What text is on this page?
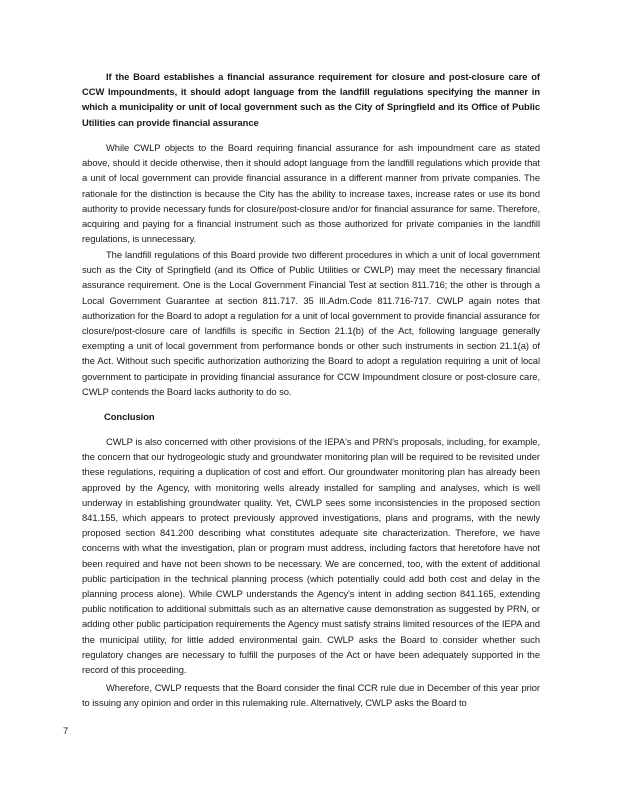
If the Board establishes a financial assurance requirement for closure and post-closure care of CCW Impoundments, it should adopt language from the landfill regulations specifying the manner in which a municipality or unit of local government such as the City of Springfield and its Office of Public Utilities can provide financial assurance
While CWLP objects to the Board requiring financial assurance for ash impoundment care as stated above, should it decide otherwise, then it should adopt language from the landfill regulations which provide that a unit of local government can provide financial assurance in a different manner from private companies. The rationale for the distinction is because the City has the ability to increase taxes, increase rates or use its bond authority to provide necessary funds for closure/post-closure and/or for financial assurance for same. Therefore, acquiring and paying for a financial instrument such as those authorized for private companies in the landfill regulations, is unnecessary.
The landfill regulations of this Board provide two different procedures in which a unit of local government such as the City of Springfield (and its Office of Public Utilities or CWLP) may meet the necessary financial assurance requirement. One is the Local Government Financial Test at section 811.716; the other is through a Local Government Guarantee at section 811.717. 35 Ill.Adm.Code 811.716-717. CWLP again notes that authorization for the Board to adopt a regulation for a unit of local government to provide financial assurance for closure/post-closure care of landfills is specific in Section 21.1(b) of the Act, following language generally exempting a unit of local government from performance bonds or other such instruments in section 21.1(a) of the Act. Without such specific authorization authorizing the Board to adopt a regulation requiring a unit of local government to participate in providing financial assurance for CCW Impoundment closure or post-closure care, CWLP contends the Board lacks authority to do so.
Conclusion
CWLP is also concerned with other provisions of the IEPA's and PRN's proposals, including, for example, the concern that our hydrogeologic study and groundwater monitoring plan will be required to be revisited under these regulations, requiring a duplication of cost and effort. Our groundwater monitoring plan has already been approved by the Agency, with monitoring wells already installed for sampling and analyses, which is well underway in establishing groundwater quality. Yet, CWLP sees some inconsistencies in the proposed section 841.155, which appears to protect previously approved investigations, plans and programs, with the newly proposed section 841.200 describing what constitutes adequate site characterization. Therefore, we have concerns with what the investigation, plan or program must address, including factors that heretofore have not been required and have not been shown to be necessary. We are concerned, too, with the extent of additional public participation in the technical planning process (which potentially could add both cost and delay in the planning process alone). While CWLP understands the Agency's intent in adding section 841.165, extending public notification to additional submittals such as an alternative cause demonstration as suggested by PRN, or adding other public participation requirements the Agency must satisfy strains limited resources of the IEPA and the municipal utility, for little added environmental gain. CWLP asks the Board to consider whether such regulatory changes are necessary to fulfill the purposes of the Act or have been adequately supported in the record of this proceeding.
Wherefore, CWLP requests that the Board consider the final CCR rule due in December of this year prior to issuing any opinion and order in this rulemaking rule. Alternatively, CWLP asks the Board to
7
